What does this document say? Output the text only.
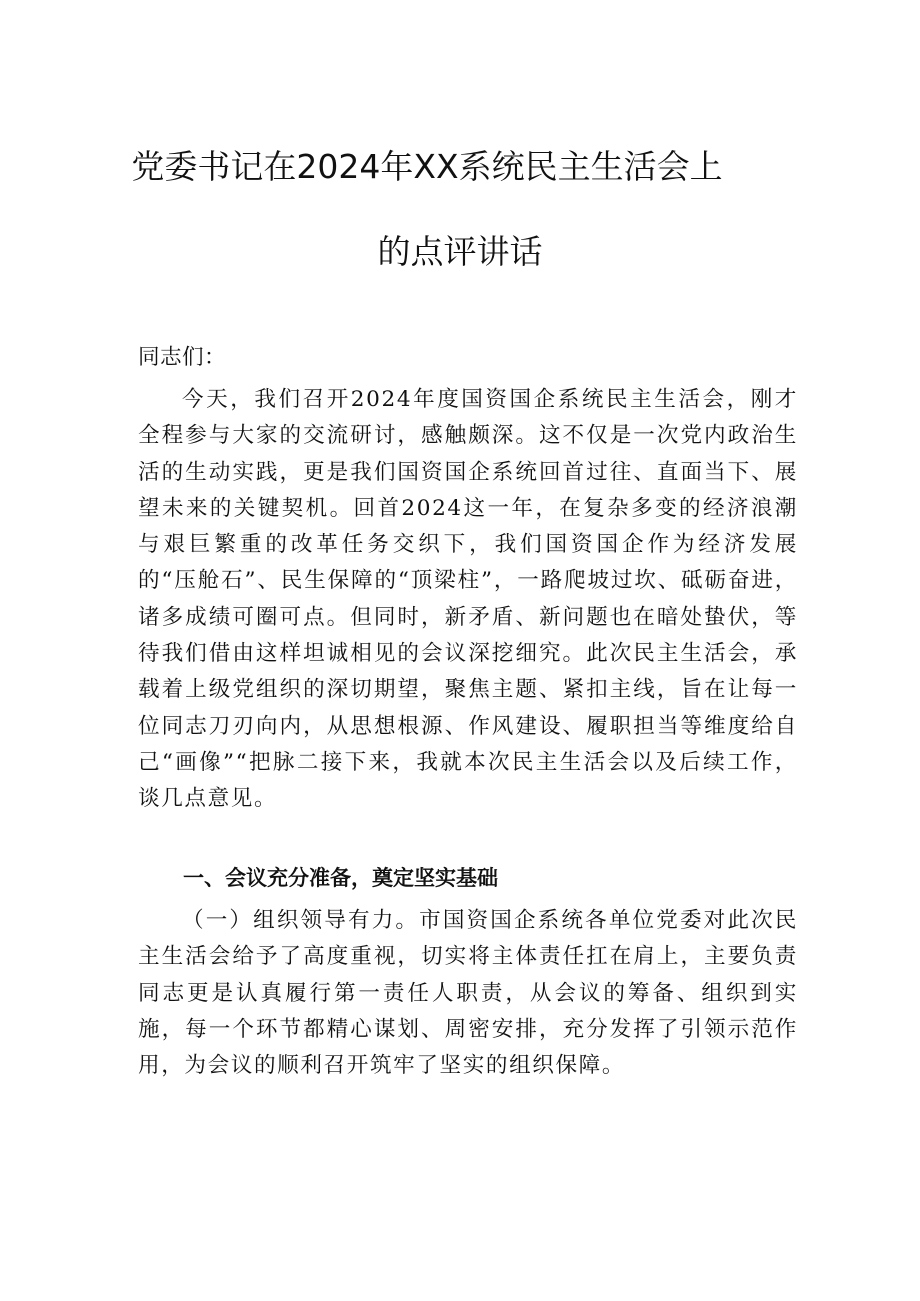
党委书记在2024年XX系统民主生活会上
的点评讲话

同志们：

今天，我们召开2024年度国资国企系统民主生活会，刚才全程参与大家的交流研讨，感触颇深。这不仅是一次党内政治生活的生动实践，更是我们国资国企系统回首过往、直面当下、展望未来的关键契机。回首2024这一年，在复杂多变的经济浪潮与艰巨繁重的改革任务交织下，我们国资国企作为经济发展的“压舱石”、民生保障的“顶梁柱”，一路爬坡过坎、砥砺奋进，诸多成绩可圈可点。但同时，新矛盾、新问题也在暗处蛰伏，等待我们借由这样坦诚相见的会议深挖细究。此次民主生活会，承载着上级党组织的深切期望，聚焦主题、紧扣主线，旨在让每一位同志刀刃向内，从思想根源、作风建设、履职担当等维度给自己“画像”“把脉二接下来，我就本次民主生活会以及后续工作，谈几点意见。

一、会议充分准备，奠定坚实基础

（一）组织领导有力。市国资国企系统各单位党委对此次民主生活会给予了高度重视，切实将主体责任扛在肩上，主要负责同志更是认真履行第一责任人职责，从会议的筹备、组织到实施，每一个环节都精心谋划、周密安排，充分发挥了引领示范作用，为会议的顺利召开筑牢了坚实的组织保障。
